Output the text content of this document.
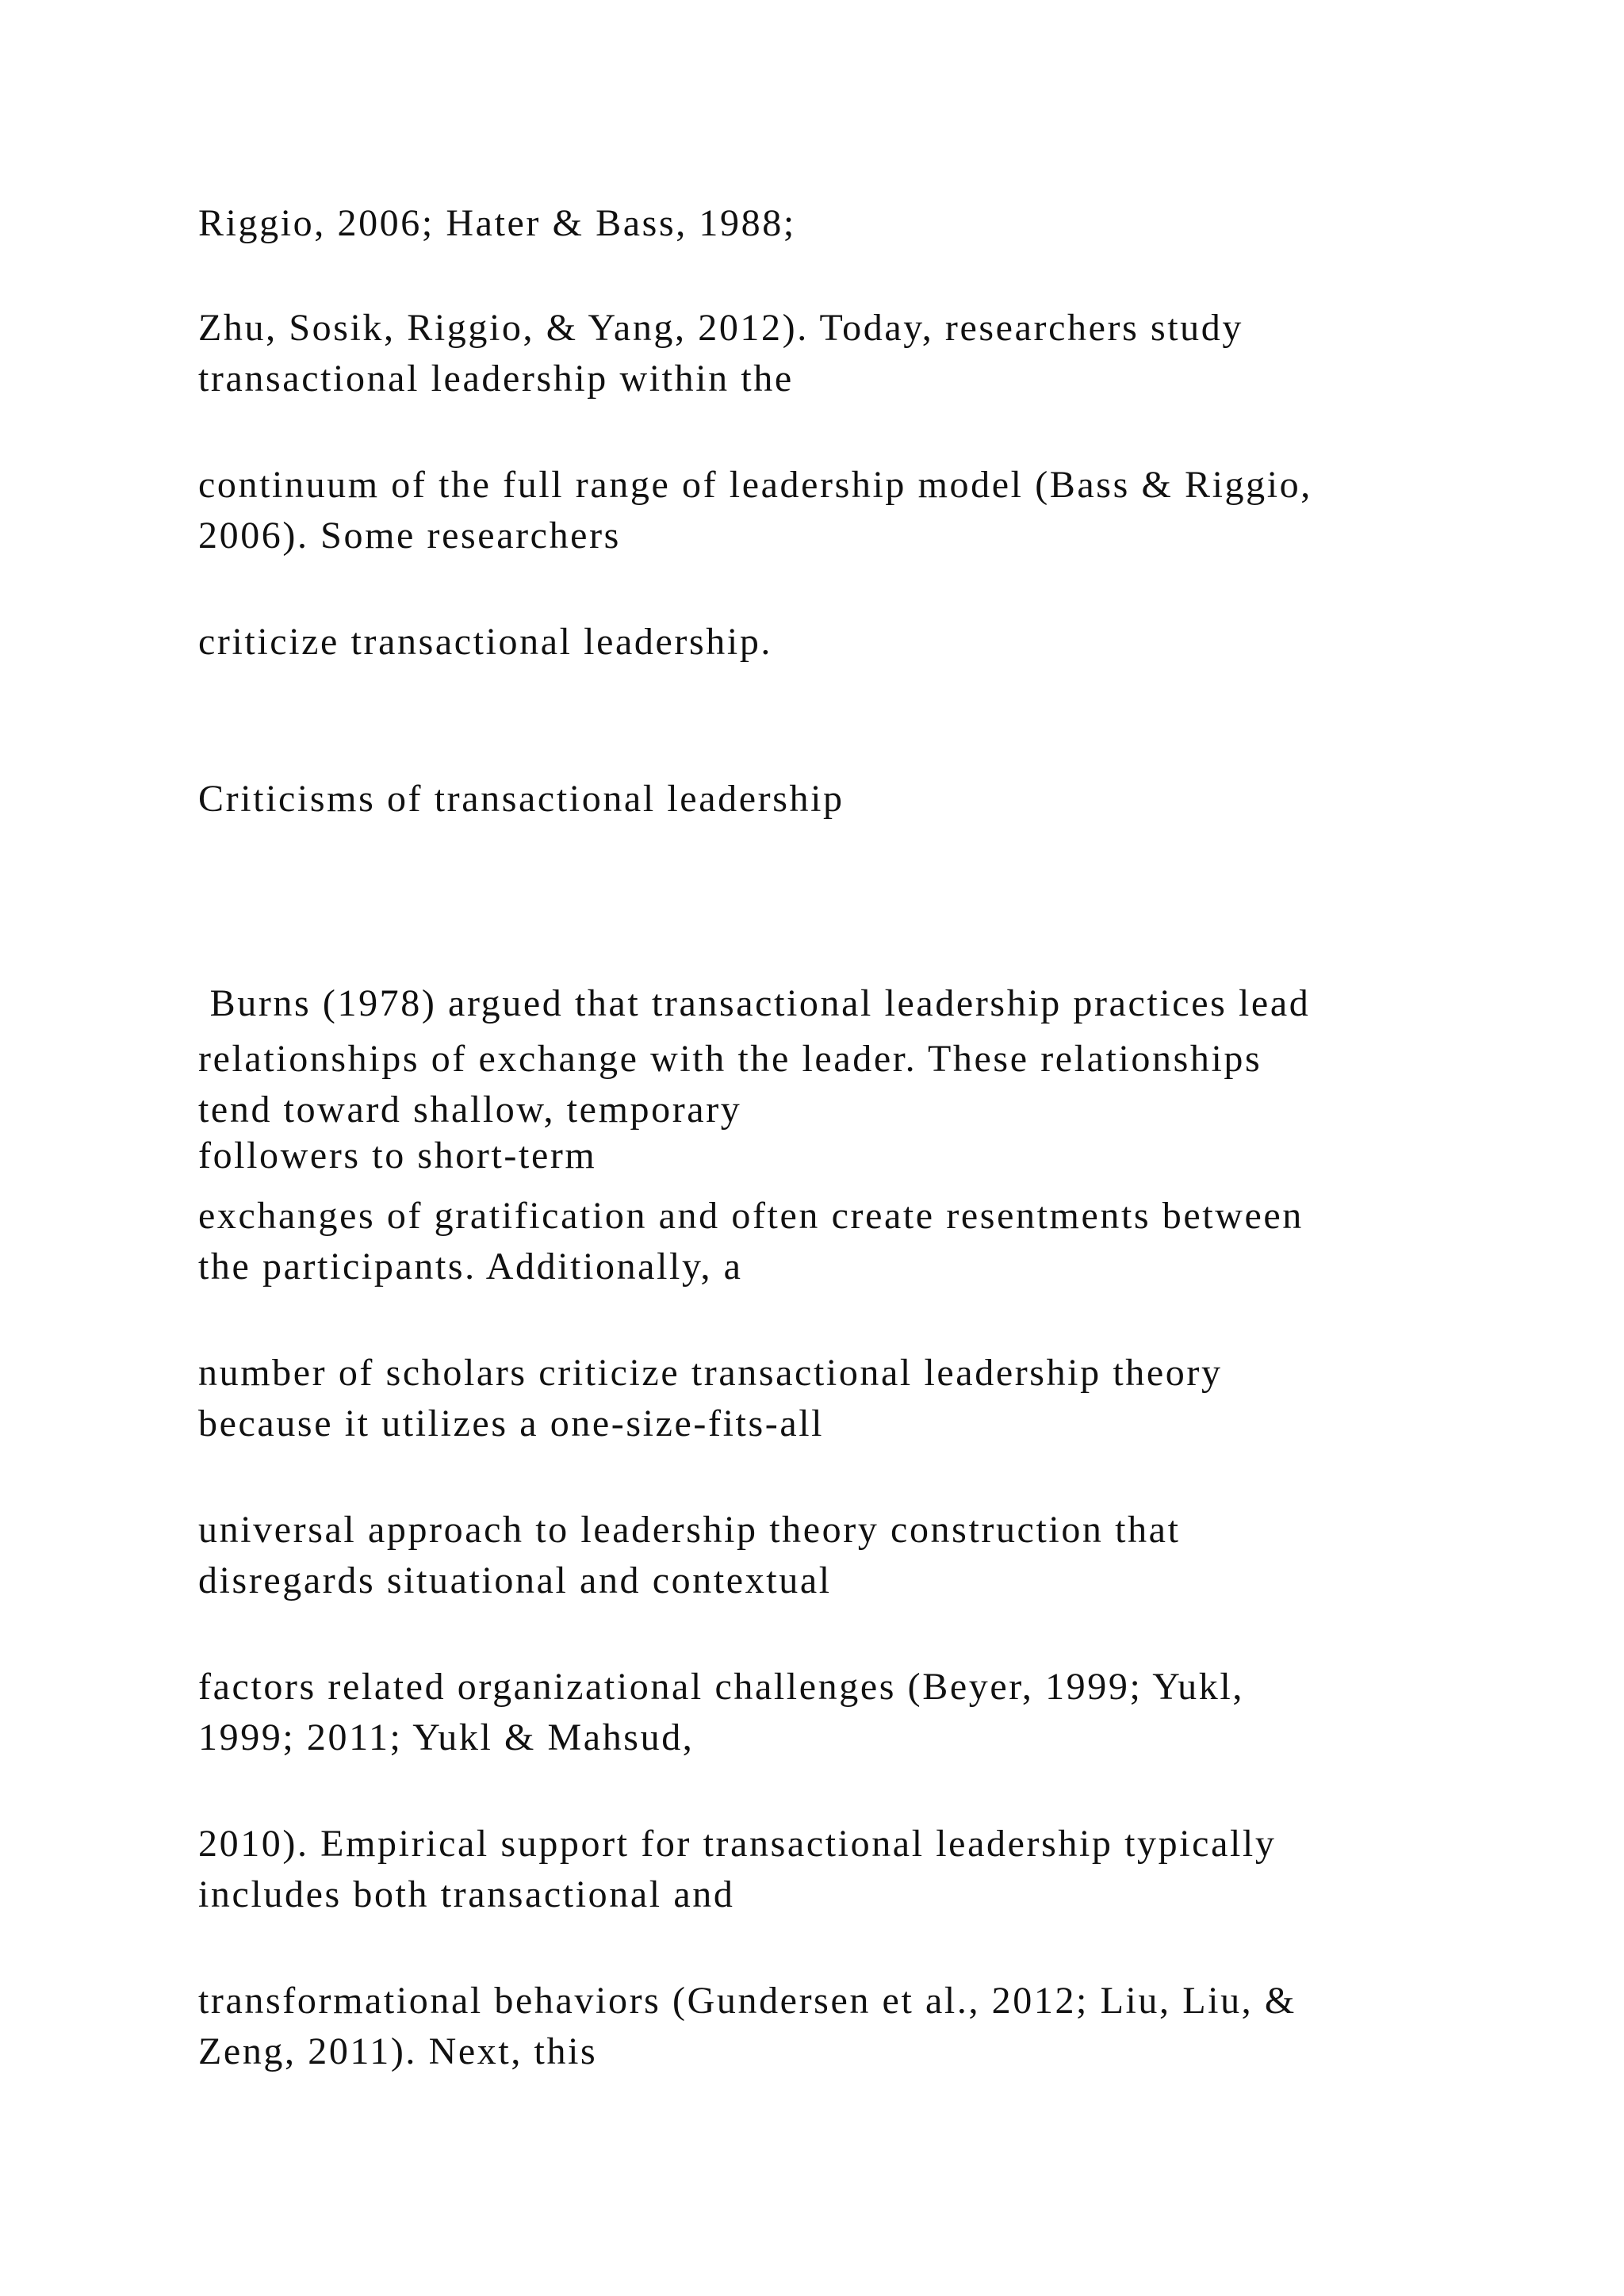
Riggio, 2006; Hater & Bass, 1988;
Zhu, Sosik, Riggio, & Yang, 2012). Today, researchers study
transactional leadership within the
continuum of the full range of leadership model (Bass & Riggio,
2006). Some researchers
criticize transactional leadership.
Criticisms of transactional leadership

Burns (1978) argued that transactional leadership practices lead

followers to short-term

relationships of exchange with the leader. These relationships
tend toward shallow, temporary
exchanges of gratification and often create resentments between
the participants. Additionally, a
number of scholars criticize transactional leadership theory
because it utilizes a one-size-fits-all
universal approach to leadership theory construction that
disregards situational and contextual
factors related organizational challenges (Beyer, 1999; Yukl,
1999; 2011; Yukl & Mahsud,
2010). Empirical support for transactional leadership typically
includes both transactional and
transformational behaviors (Gundersen et al., 2012; Liu, Liu, &
Zeng, 2011). Next, this
